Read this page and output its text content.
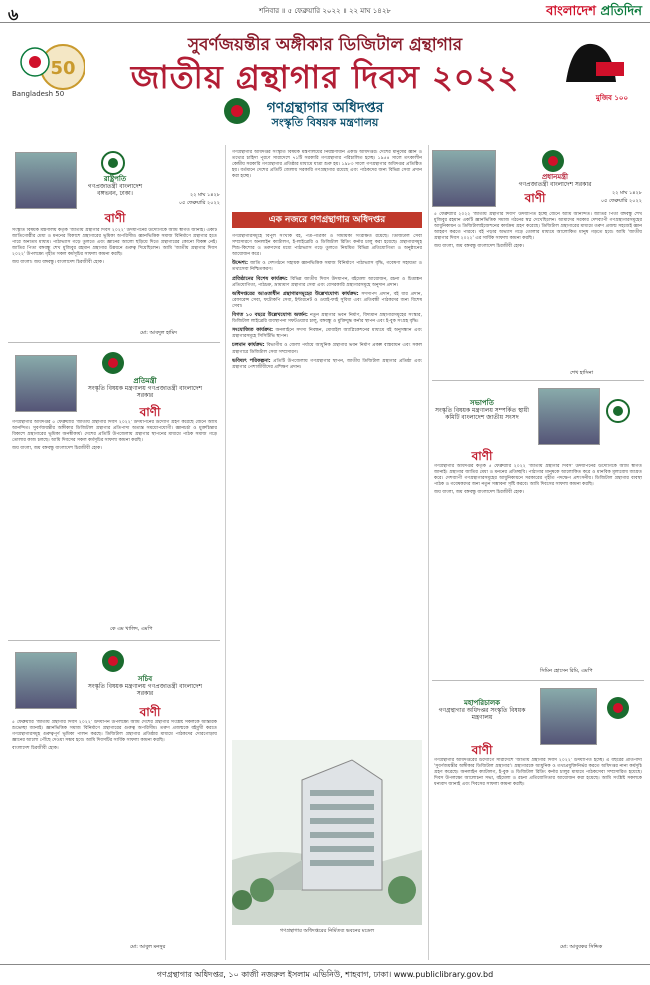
৬	শনিবার ॥ ৫ ফেব্রুয়ারি ২০২২ ॥ ২২ মাঘ ১৪২৮	বাংলাদেশ প্রতিদিন
50
Bangladesh 50	মুজিব ১০০
সুবর্ণজয়ন্তীর অঙ্গীকার ডিজিটাল গ্রন্থাগার
জাতীয় গ্রন্থাগার দিবস ২০২২
গণগ্রন্থাগার অধিদপ্তর
সংস্কৃতি বিষয়ক মন্ত্রণালয়
রাষ্ট্রপতি
গণপ্রজাতন্ত্রী বাংলাদেশ বঙ্গভবন, ঢাকা।	২২ মাঘ ১৪২৮
০৫ ফেব্রুয়ারি ২০২২
বাণী

সংস্কৃতি বিষয়ক মন্ত্রণালয় কর্তৃক 'জাতীয় গ্রন্থাগার দিবস ২০২২' উদযাপনের উদ্যোগকে আমি স্বাগত জানাই। একটি জাতিগোষ্ঠীর মেধা ও মননের বিকাশে গ্রন্থাগারের ভূমিকা অপরিসীম। জ্ঞানভিত্তিক সমাজ বিনির্মাণে গ্রন্থাগার হতে পারে অন্যতম মাধ্যম। পাঠাভ্যাস গড়ে তুলতে এবং জ্ঞানের আলো ছড়িয়ে দিতে গ্রন্থাগারের কোনো বিকল্প নেই। জাতির পিতা বঙ্গবন্ধু শেখ মুজিবুর রহমান গ্রন্থাগার উন্নয়নে গুরুত্ব দিয়েছিলেন। আমি 'জাতীয় গ্রন্থাগার দিবস ২০২২' উপলক্ষ্যে গৃহীত সকল কর্মসূচির সাফল্য কামনা করছি।

জয় বাংলা। জয় বঙ্গবন্ধু। বাংলাদেশ চিরজীবী হোক।

মো: আবদুল হামিদ
প্রতিমন্ত্রী
সংস্কৃতি বিষয়ক মন্ত্রণালয় গণপ্রজাতন্ত্রী বাংলাদেশ সরকার
বাণী

গণগ্রন্থাগার অধিদপ্তর ৫ ফেব্রুয়ারি 'জাতীয় গ্রন্থাগার দিবস ২০২২' উদযাপনের উদ্যোগ গ্রহণ করেছে জেনে আমি আনন্দিত। সুবর্ণজয়ন্তীর অঙ্গীকার ডিজিটাল গ্রন্থাগার প্রতিপাদ্য অত্যন্ত সময়োপযোগী। জ্ঞানচর্চা ও মুক্তচিন্তার বিকাশে গ্রন্থাগারের ভূমিকা অনস্বীকার্য। দেশের প্রতিটি উপজেলায় গ্রন্থাগার স্থাপনের মাধ্যমে পাঠক সমাজ গড়ে তোলার কাজ চলছে। আমি দিবসের সকল কর্মসূচির সাফল্য কামনা করছি।

জয় বাংলা, জয় বঙ্গবন্ধু বাংলাদেশ চিরজীবী হোক।

কে এম খালিদ, এমপি
সচিব
সংস্কৃতি বিষয়ক মন্ত্রণালয় গণপ্রজাতন্ত্রী বাংলাদেশ সরকার
বাণী

৫ ফেব্রুয়ারি 'জাতীয় গ্রন্থাগার দিবস ২০২২' উদযাপন উপলক্ষ্যে আমি দেশের গ্রন্থাগার সংশ্লিষ্ট সকলকে আন্তরিক শুভেচ্ছা জানাই। জ্ঞানভিত্তিক সমাজ বিনির্মাণে গ্রন্থাগারের গুরুত্ব অপরিসীম। তরুণ প্রজন্মকে বইমুখী করতে গণগ্রন্থাগারসমূহ গুরুত্বপূর্ণ ভূমিকা পালন করছে। ডিজিটাল গ্রন্থাগার প্রতিষ্ঠার মাধ্যমে পাঠকদের দোরগোড়ায় জ্ঞানের আলো পৌঁছে দেওয়া সম্ভব হবে। আমি দিবসটির সার্বিক সাফল্য কামনা করছি।

বাংলাদেশ চিরজীবী হোক।

মো: আবুল মনসুর

গণগ্রন্থাগার অধিদপ্তর সংস্কৃতি বিষয়ক মন্ত্রণালয়ের নিয়ন্ত্রণাধীন একটি অধিদপ্তর। দেশের মানুষের জ্ঞান ও তথ্যের চাহিদা পূরণে সারাদেশে ৭১টি সরকারি গণগ্রন্থাগার পরিচালিত হচ্ছে। ১৯৫৪ সালে তৎকালীন কেন্দ্রীয় সরকারি গণগ্রন্থাগার প্রতিষ্ঠার মাধ্যমে যাত্রা শুরু হয়। ১৯৮৩ সালে গণগ্রন্থাগার অধিদপ্তর প্রতিষ্ঠিত হয়। বর্তমানে দেশের প্রতিটি জেলায় সরকারি গণগ্রন্থাগার রয়েছে এবং পাঠকদের জন্য বিভিন্ন সেবা প্রদান করা হচ্ছে।

এক নজরে গণগ্রন্থাগার অধিদপ্তর

গণগ্রন্থাগারসমূহে বিপুল সংখ্যক বই, পত্র-পত্রিকা ও সাময়িকী সংরক্ষিত রয়েছে। ডিজিটাল সেবা সম্প্রসারণে অনলাইন ক্যাটালগ, ই-লাইব্রেরি ও ডিজিটাল রিডিং কর্নার চালু করা হয়েছে। গ্রন্থাগারসমূহ শিশু-কিশোর ও তরুণদের মধ্যে পাঠাভ্যাস গড়ে তুলতে নিয়মিত বিভিন্ন প্রতিযোগিতা ও অনুষ্ঠানের আয়োজন করে।

উদ্দেশ্য: জাতি ও দেশগঠনে সহায়ক জ্ঞানভিত্তিক সমাজ বিনির্মাণে পাঠাভ্যাস বৃদ্ধি, গবেষণা সহায়তা ও তথ্যসেবা নিশ্চিতকরণ।

প্রতিষ্ঠানের বিশেষ কার্যক্রম: বিভিন্ন জাতীয় দিবস উদযাপন, বইমেলা আয়োজন, রচনা ও চিত্রাঙ্কন প্রতিযোগিতা, পাঠচক্র, ভ্রাম্যমাণ গ্রন্থাগার সেবা এবং বেসরকারি গ্রন্থাগারসমূহে অনুদান প্রদান।

অধিদপ্তরের আওতাধীন গ্রন্থাগারসমূহের উল্লেখযোগ্য কার্যক্রম: সদস্যপদ প্রদান, বই ধার প্রদান, রেফারেন্স সেবা, ফটোকপি সেবা, ইন্টারনেট ও ওয়াই-ফাই সুবিধা এবং প্রতিবন্ধী পাঠকদের জন্য বিশেষ সেবা।

বিগত ১০ বছরে উল্লেখযোগ্য অর্জন: নতুন গ্রন্থাগার ভবন নির্মাণ, বিদ্যমান গ্রন্থাগারসমূহের সংস্কার, ডিজিটাল লাইব্রেরি ব্যবস্থাপনা সফটওয়্যার চালু, বঙ্গবন্ধু ও মুক্তিযুদ্ধ কর্নার স্থাপন এবং ই-বুক সংগ্রহ বৃদ্ধি।

সংযোজিত কার্যক্রম: অনলাইনে সদস্য নিবন্ধন, মোবাইল অ্যাপ্লিকেশনের মাধ্যমে বই অনুসন্ধান এবং গ্রন্থাগারসমূহে সিসিটিভি স্থাপন।

চলমান কার্যক্রম: বিভাগীয় ও জেলা পর্যায়ে আধুনিক গ্রন্থাগার ভবন নির্মাণ প্রকল্প বাস্তবায়ন এবং সকল গ্রন্থাগারে ডিজিটাল সেবা সম্প্রসারণ।

ভবিষ্যৎ পরিকল্পনা: প্রতিটি উপজেলায় গণগ্রন্থাগার স্থাপন, জাতীয় ডিজিটাল গ্রন্থাগার প্রতিষ্ঠা এবং গ্রন্থাগার পেশাজীবীদের প্রশিক্ষণ প্রদান।

গণগ্রন্থাগার অধিদপ্তরের নির্মিতব্য ভবনের মডেল
প্রধানমন্ত্রী
গণপ্রজাতন্ত্রী বাংলাদেশ সরকার
বাণী	২২ মাঘ ১৪২৮
০৫ ফেব্রুয়ারি ২০২২

৫ ফেব্রুয়ারি ২০২২ 'জাতীয় গ্রন্থাগার দিবস' উদযাপিত হচ্ছে জেনে আমি আনন্দিত। জাতির পিতা বঙ্গবন্ধু শেখ মুজিবুর রহমান একটি জ্ঞানভিত্তিক সমাজ গঠনের স্বপ্ন দেখেছিলেন। আমাদের সরকার দেশব্যাপী গণগ্রন্থাগারসমূহের আধুনিকায়ন ও ডিজিটালাইজেশনের কার্যক্রম গ্রহণ করেছে। ডিজিটাল গ্রন্থাগারের মাধ্যমে তরুণ প্রজন্ম সহজেই জ্ঞান আহরণ করতে পারবে। বই পড়ার অভ্যাস গড়ে তোলার মাধ্যমে আলোকিত মানুষ গড়তে হবে। আমি 'জাতীয় গ্রন্থাগার দিবস ২০২২' এর সার্বিক সাফল্য কামনা করছি।

জয় বাংলা, জয় বঙ্গবন্ধু বাংলাদেশ চিরজীবী হোক।

শেখ হাসিনা
সভাপতি
সংস্কৃতি বিষয়ক মন্ত্রণালয় সম্পর্কিত স্থায়ী কমিটি বাংলাদেশ জাতীয় সংসদ
বাণী

গণগ্রন্থাগার অধিদপ্তর কর্তৃক ৫ ফেব্রুয়ারি ২০২২ 'জাতীয় গ্রন্থাগার দিবস' উদযাপনের উদ্যোগকে আমি স্বাগত জানাই। গ্রন্থাগার জাতির মেধা ও মননের প্রতিচ্ছবি। পাঠাগার মানুষকে আলোকিত করে ও মানবিক মূল্যবোধ জাগ্রত করে। দেশব্যাপী গণগ্রন্থাগারসমূহের আধুনিকায়নে সরকারের গৃহীত পদক্ষেপ প্রশংসনীয়। ডিজিটাল গ্রন্থাগার ব্যবস্থা পাঠক ও গবেষকদের জন্য নতুন সম্ভাবনা সৃষ্টি করবে। আমি দিবসের সাফল্য কামনা করছি।

জয় বাংলা, জয় বঙ্গবন্ধু বাংলাদেশ চিরজীবী হোক।

সিমিন হোসেন রিমি, এমপি
মহাপরিচালক
গণগ্রন্থাগার অধিদপ্তর সংস্কৃতি বিষয়ক মন্ত্রণালয়
বাণী

গণগ্রন্থাগার অধিদপ্তরের উদ্যোগে সারাদেশে 'জাতীয় গ্রন্থাগার দিবস ২০২২' উদযাপিত হচ্ছে। এ বছরের প্রতিপাদ্য 'সুবর্ণজয়ন্তীর অঙ্গীকার ডিজিটাল গ্রন্থাগার'। গ্রন্থাগারকে আধুনিক ও তথ্যপ্রযুক্তিনির্ভর করতে অধিদপ্তর নানা কর্মসূচি গ্রহণ করেছে। অনলাইন ক্যাটালগ, ই-বুক ও ডিজিটাল রিডিং কর্নার চালুর মাধ্যমে পাঠকসেবা সম্প্রসারিত হয়েছে। দিবস উপলক্ষ্যে আলোচনা সভা, বইমেলা ও রচনা প্রতিযোগিতার আয়োজন করা হয়েছে। আমি সংশ্লিষ্ট সকলকে ধন্যবাদ জানাই এবং দিবসের সাফল্য কামনা করছি।

মো: আবুবকর সিদ্দিক
গণগ্রন্থাগার অধিদপ্তর, ১০ কাজী নজরুল ইসলাম এভিনিউ, শাহবাগ, ঢাকা। www.publiclibrary.gov.bd
